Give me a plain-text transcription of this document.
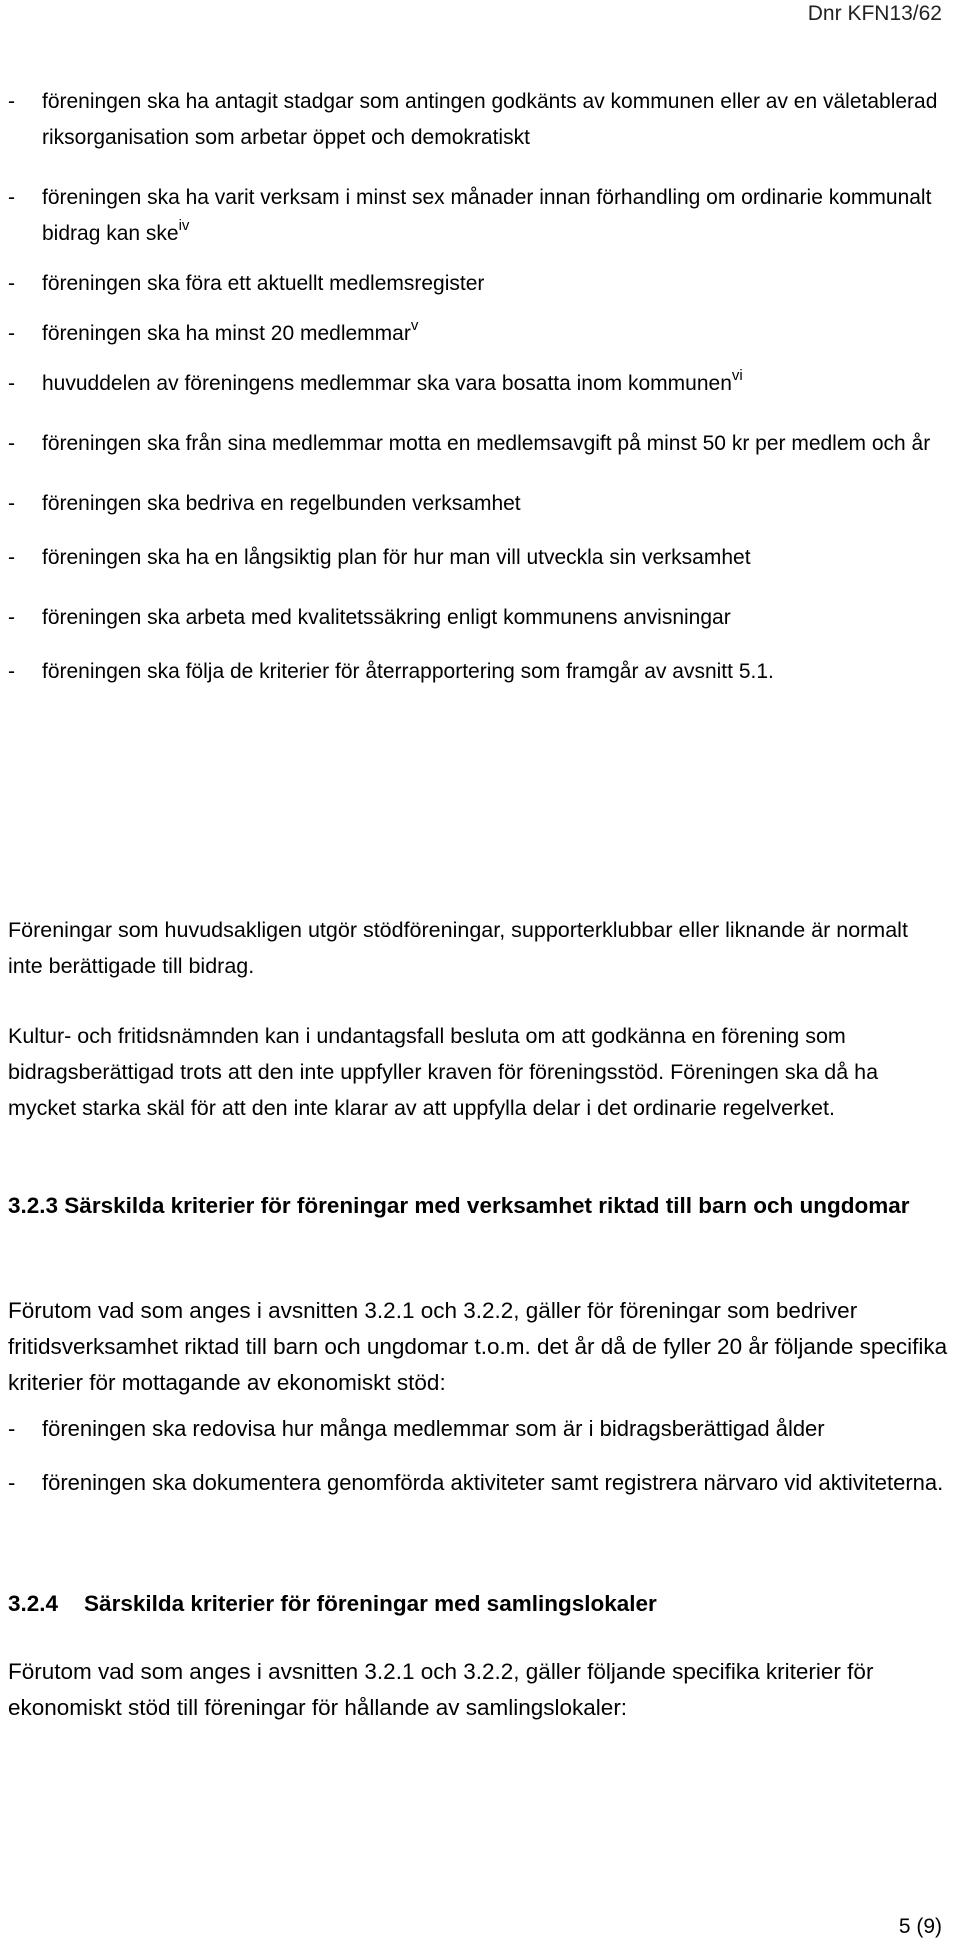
Dnr KFN13/62
- föreningen ska ha antagit stadgar som antingen godkänts av kommunen eller av en väletablerad riksorganisation som arbetar öppet och demokratiskt
- föreningen ska ha varit verksam i minst sex månader innan förhandling om ordinarie kommunalt bidrag kan ske$^{iv}$
- föreningen ska föra ett aktuellt medlemsregister
- föreningen ska ha minst 20 medlemmar$^v$
- huvuddelen av föreningens medlemmar ska vara bosatta inom kommunen$^{vi}$
- föreningen ska från sina medlemmar motta en medlemsavgift på minst 50 kr per medlem och år
- föreningen ska bedriva en regelbunden verksamhet
- föreningen ska ha en långsiktig plan för hur man vill utveckla sin verksamhet
- föreningen ska arbeta med kvalitetssäkring enligt kommunens anvisningar
- föreningen ska följa de kriterier för återrapportering som framgår av avsnitt 5.1.
Föreningar som huvudsakligen utgör stödföreningar, supporterklubbar eller liknande är normalt inte berättigade till bidrag.
Kultur- och fritidsnämnden kan i undantagsfall besluta om att godkänna en förening som bidragsberättigad trots att den inte uppfyller kraven för föreningsstöd. Föreningen ska då ha mycket starka skäl för att den inte klarar av att uppfylla delar i det ordinarie regelverket.
3.2.3 Särskilda kriterier för föreningar med verksamhet riktad till barn och ungdomar
Förutom vad som anges i avsnitten 3.2.1 och 3.2.2, gäller för föreningar som bedriver fritidsverksamhet riktad till barn och ungdomar t.o.m. det år då de fyller 20 år följande specifika kriterier för mottagande av ekonomiskt stöd:
- föreningen ska redovisa hur många medlemmar som är i bidragsberättigad ålder
- föreningen ska dokumentera genomförda aktiviteter samt registrera närvaro vid aktiviteterna.
3.2.4 Särskilda kriterier för föreningar med samlingslokaler
Förutom vad som anges i avsnitten 3.2.1 och 3.2.2, gäller följande specifika kriterier för ekonomiskt stöd till föreningar för hållande av samlingslokaler:
5 (9)
